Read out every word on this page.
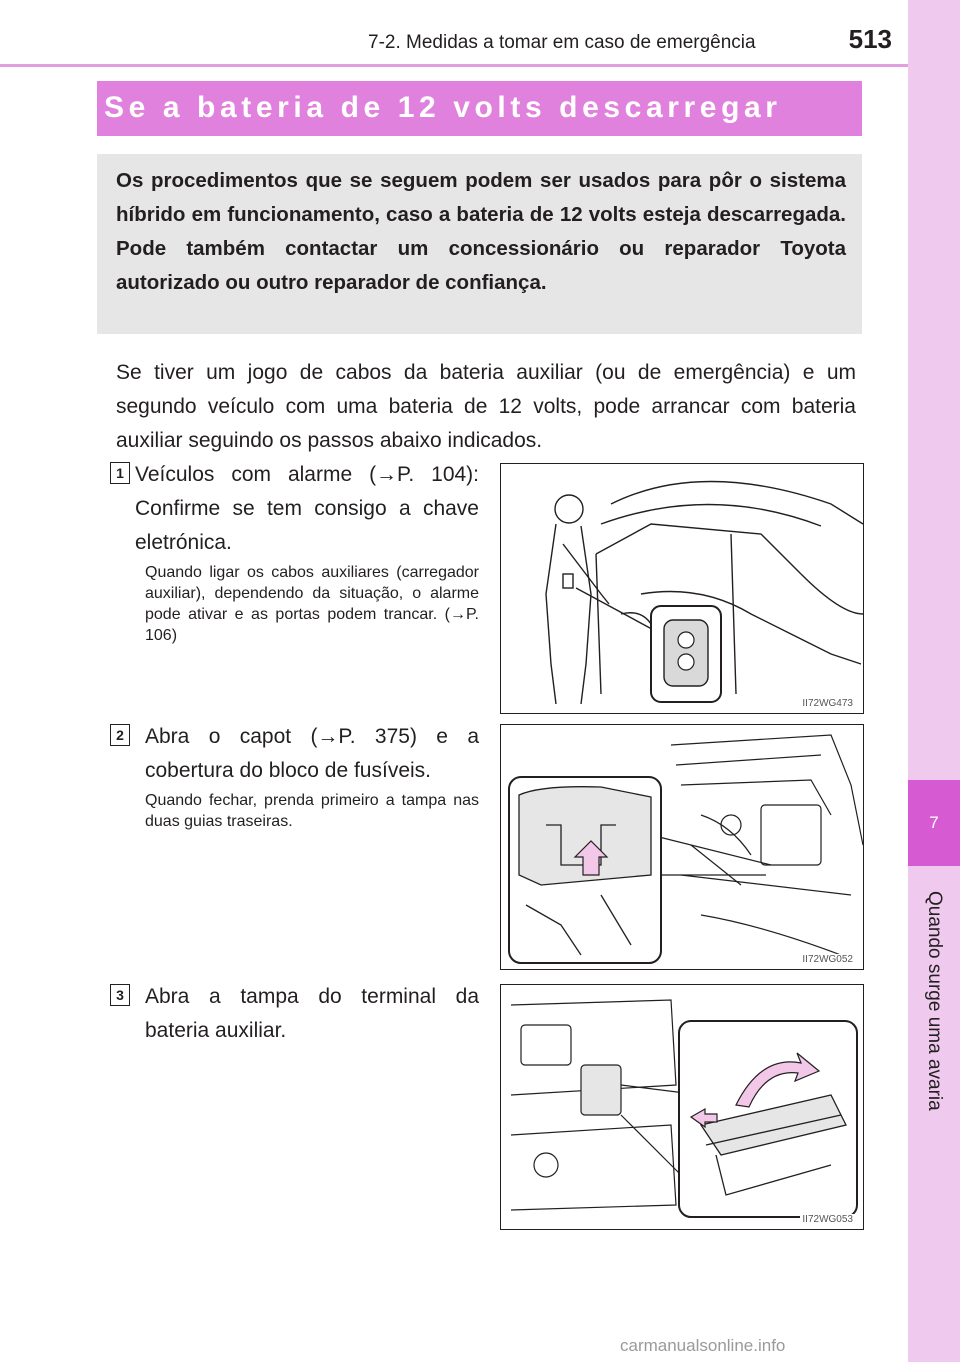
7-2. Medidas a tomar em caso de emergência	513
7
Quando surge uma avaria
Se a bateria de 12 volts descarregar

Os procedimentos que se seguem podem ser usados para pôr o sistema híbrido em funcionamento, caso a bateria de 12 volts esteja descarregada. Pode também contactar um concessionário ou reparador Toyota autorizado ou outro reparador de confiança.

Se tiver um jogo de cabos da bateria auxiliar (ou de emergência) e um segundo veículo com uma bateria de 12 volts, pode arrancar com bateria auxiliar seguindo os passos abaixo indicados.

1 Veículos com alarme (→P. 104): Confirme se tem consigo a chave eletrónica.

Quando ligar os cabos auxiliares (carregador auxiliar), dependendo da situação, o alarme pode ativar e as portas podem trancar. (→P. 106)

II72WG473
2 Abra o capot (→P. 375) e a cobertura do bloco de fusíveis.

Quando fechar, prenda primeiro a tampa nas duas guias traseiras.

II72WG052
3 Abra a tampa do terminal da bateria auxiliar.

II72WG053
carmanualsonline.info
